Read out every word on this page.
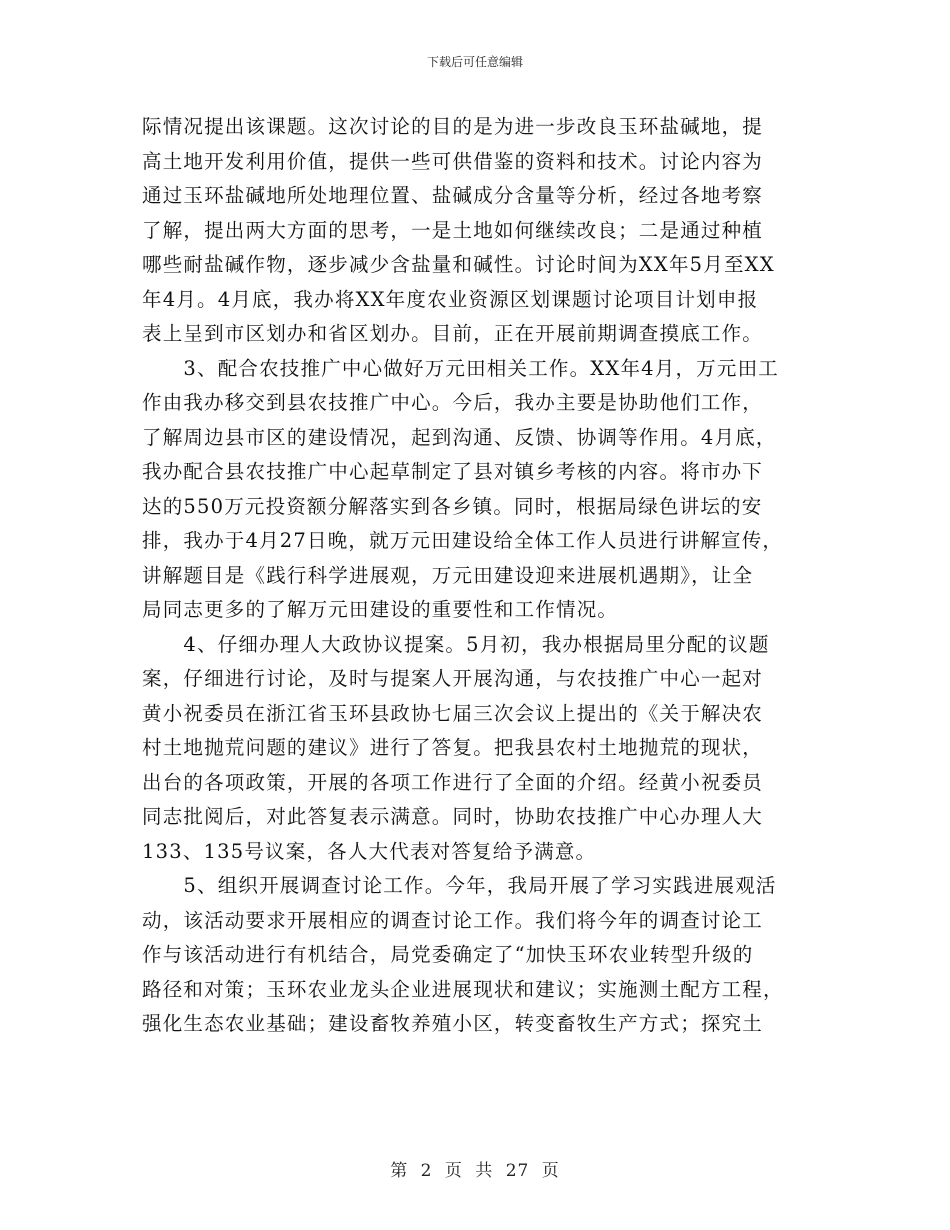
下载后可任意编辑
际情况提出该课题。这次讨论的目的是为进一步改良玉环盐碱地，提
高土地开发利用价值，提供一些可供借鉴的资料和技术。讨论内容为
通过玉环盐碱地所处地理位置、盐碱成分含量等分析，经过各地考察
了解，提出两大方面的思考，一是土地如何继续改良；二是通过种植
哪些耐盐碱作物，逐步减少含盐量和碱性。讨论时间为XX年5月至XX
年4月。4月底，我办将XX年度农业资源区划课题讨论项目计划申报
表上呈到市区划办和省区划办。目前，正在开展前期调查摸底工作。
　　3、配合农技推广中心做好万元田相关工作。XX年4月，万元田工
作由我办移交到县农技推广中心。今后，我办主要是协助他们工作，
了解周边县市区的建设情况，起到沟通、反馈、协调等作用。4月底，
我办配合县农技推广中心起草制定了县对镇乡考核的内容。将市办下
达的550万元投资额分解落实到各乡镇。同时，根据局绿色讲坛的安
排，我办于4月27日晚，就万元田建设给全体工作人员进行讲解宣传，
讲解题目是《践行科学进展观，万元田建设迎来进展机遇期》，让全
局同志更多的了解万元田建设的重要性和工作情况。
　　4、仔细办理人大政协议提案。5月初，我办根据局里分配的议题
案，仔细进行讨论，及时与提案人开展沟通，与农技推广中心一起对
黄小祝委员在浙江省玉环县政协七届三次会议上提出的《关于解决农
村土地抛荒问题的建议》进行了答复。把我县农村土地抛荒的现状，
出台的各项政策，开展的各项工作进行了全面的介绍。经黄小祝委员
同志批阅后，对此答复表示满意。同时，协助农技推广中心办理人大
133、135号议案，各人大代表对答复给予满意。
　　5、组织开展调查讨论工作。今年，我局开展了学习实践进展观活
动，该活动要求开展相应的调查讨论工作。我们将今年的调查讨论工
作与该活动进行有机结合，局党委确定了“加快玉环农业转型升级的
路径和对策；玉环农业龙头企业进展现状和建议；实施测土配方工程，
强化生态农业基础；建设畜牧养殖小区，转变畜牧生产方式；探究土
第 2 页 共 27 页
